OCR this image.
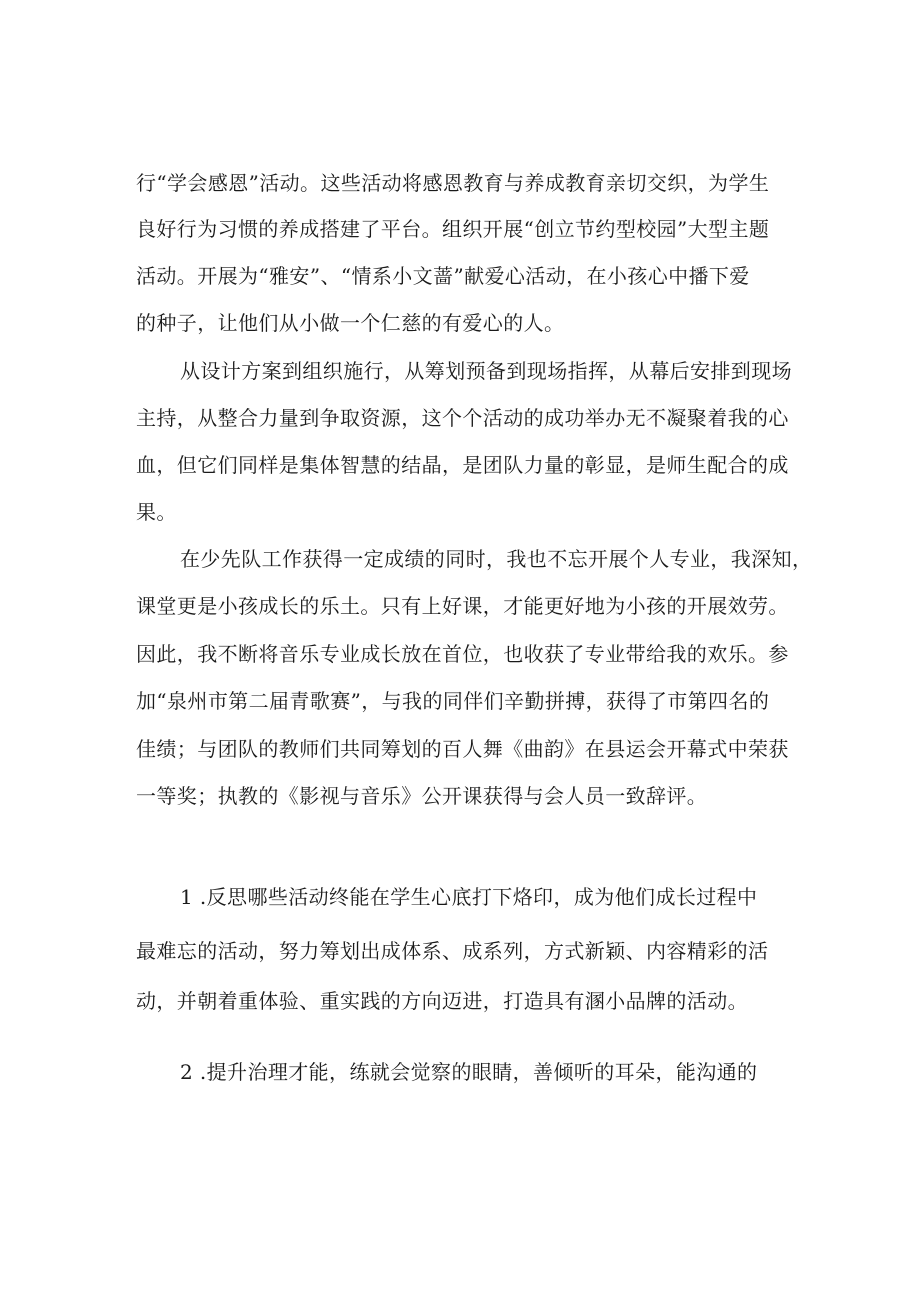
行“学会感恩”活动。这些活动将感恩教育与养成教育亲切交织，为学生
良好行为习惯的养成搭建了平台。组织开展“创立节约型校园”大型主题
活动。开展为“雅安”、“情系小文蔷”献爱心活动，在小孩心中播下爱
的种子，让他们从小做一个仁慈的有爱心的人。
从设计方案到组织施行，从筹划预备到现场指挥，从幕后安排到现场
主持，从整合力量到争取资源，这个个活动的成功举办无不凝聚着我的心
血，但它们同样是集体智慧的结晶，是团队力量的彰显，是师生配合的成
果。
在少先队工作获得一定成绩的同时，我也不忘开展个人专业，我深知，
课堂更是小孩成长的乐土。只有上好课，才能更好地为小孩的开展效劳。
因此，我不断将音乐专业成长放在首位，也收获了专业带给我的欢乐。参
加“泉州市第二届青歌赛”，与我的同伴们辛勤拼搏，获得了市第四名的
佳绩；与团队的教师们共同筹划的百人舞《曲韵》在县运会开幕式中荣获
一等奖；执教的《影视与音乐》公开课获得与会人员一致辞评。
1 .反思哪些活动终能在学生心底打下烙印，成为他们成长过程中
最难忘的活动，努力筹划出成体系、成系列，方式新颖、内容精彩的活
动，并朝着重体验、重实践的方向迈进，打造具有溷小品牌的活动。
2 .提升治理才能，练就会觉察的眼睛，善倾听的耳朵，能沟通的
